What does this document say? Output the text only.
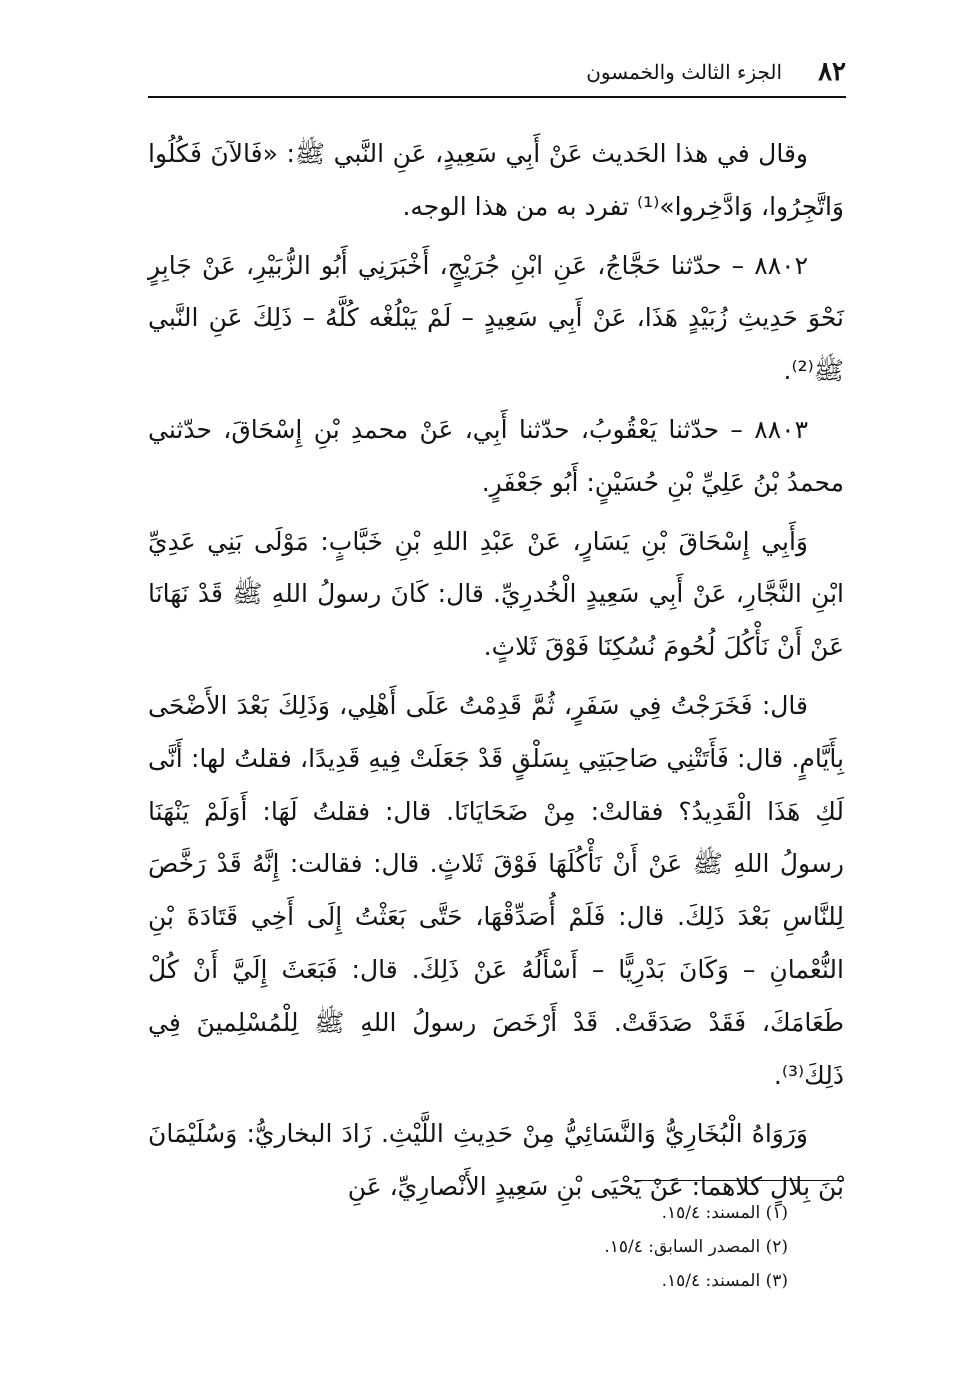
٨٢
الجزء الثالث والخمسون

وقال في هذا الحَديث عَنْ أَبِي سَعِيدٍ، عَنِ النَّبي ﷺ: «فَالآنَ فَكُلُوا وَاتَّجِرُوا، وَادَّخِروا»⁽¹⁾ تفرد به من هذا الوجه.

٨٨٠٢ – حدّثنا حَجَّاجُ، عَنِ ابْنِ جُرَيْجٍ، أَخْبَرَنِي أَبُو الزُّبَيْرِ، عَنْ جَابِرٍ نَحْوَ حَدِيثِ زُبَيْدٍ هَذَا، عَنْ أَبِي سَعِيدٍ – لَمْ يَبْلُغْه كُلَّهُ – ذَلِكَ عَنِ النَّبي ﷺ⁽²⁾.

٨٨٠٣ – حدّثنا يَعْقُوبُ، حدّثنا أَبِي، عَنْ محمدِ بْنِ إِسْحَاقَ، حدّثني محمدُ بْنُ عَلِيِّ بْنِ حُسَيْنٍ: أَبُو جَعْفَرٍ.

وَأَبِي إِسْحَاقَ بْنِ يَسَارٍ، عَنْ عَبْدِ اللهِ بْنِ خَبَّابٍ: مَوْلَى بَنِي عَدِيِّ ابْنِ النَّجَّارِ، عَنْ أَبِي سَعِيدٍ الْخُدرِيِّ. قال: كَانَ رسولُ اللهِ ﷺ قَدْ نَهَانَا عَنْ أَنْ نَأْكُلَ لُحُومَ نُسُكِنَا فَوْقَ ثَلاثٍ.

قال: فَخَرَجْتُ فِي سَفَرٍ، ثُمَّ قَدِمْتُ عَلَى أَهْلِي، وَذَلِكَ بَعْدَ الأَضْحَى بِأَيَّامٍ. قال: فَأَتَتْنِي صَاحِبَتِي بِسَلْقٍ قَدْ جَعَلَتْ فِيهِ قَدِيدًا، فقلتُ لها: أَنَّى لَكِ هَذَا الْقَدِيدُ؟ فقالتْ: مِنْ ضَحَايَانَا. قال: فقلتُ لَهَا: أَوَلَمْ يَنْهَنَا رسولُ اللهِ ﷺ عَنْ أَنْ نَأْكُلَهَا فَوْقَ ثَلاثٍ. قال: فقالت: إِنَّهُ قَدْ رَخَّصَ لِلنَّاسِ بَعْدَ ذَلِكَ. قال: فَلَمْ أُصَدِّقْهَا، حَتَّى بَعَثْتُ إِلَى أَخِي قَتَادَةَ بْنِ النُّعْمانِ – وَكَانَ بَدْرِيًّا – أَسْأَلُهُ عَنْ ذَلِكَ. قال: فَبَعَثَ إِلَيَّ أَنْ كُلْ طَعَامَكَ، فَقَدْ صَدَقَتْ. قَدْ أَرْخَصَ رسولُ اللهِ ﷺ لِلْمُسْلِمينَ فِي ذَلِكَ⁽³⁾.

وَرَوَاهُ الْبُخَارِيُّ وَالنَّسَائِيُّ مِنْ حَدِيثِ اللَّيْثِ. زَادَ البخاريُّ: وَسُلَيْمَانَ بْنَ بِلالٍ كلاهما: عَنْ يَحْيَى بْنِ سَعِيدٍ الأَنْصارِيِّ، عَنِ

(١) المسند: ١٥/٤.
(٢) المصدر السابق: ١٥/٤.
(٣) المسند: ١٥/٤.
